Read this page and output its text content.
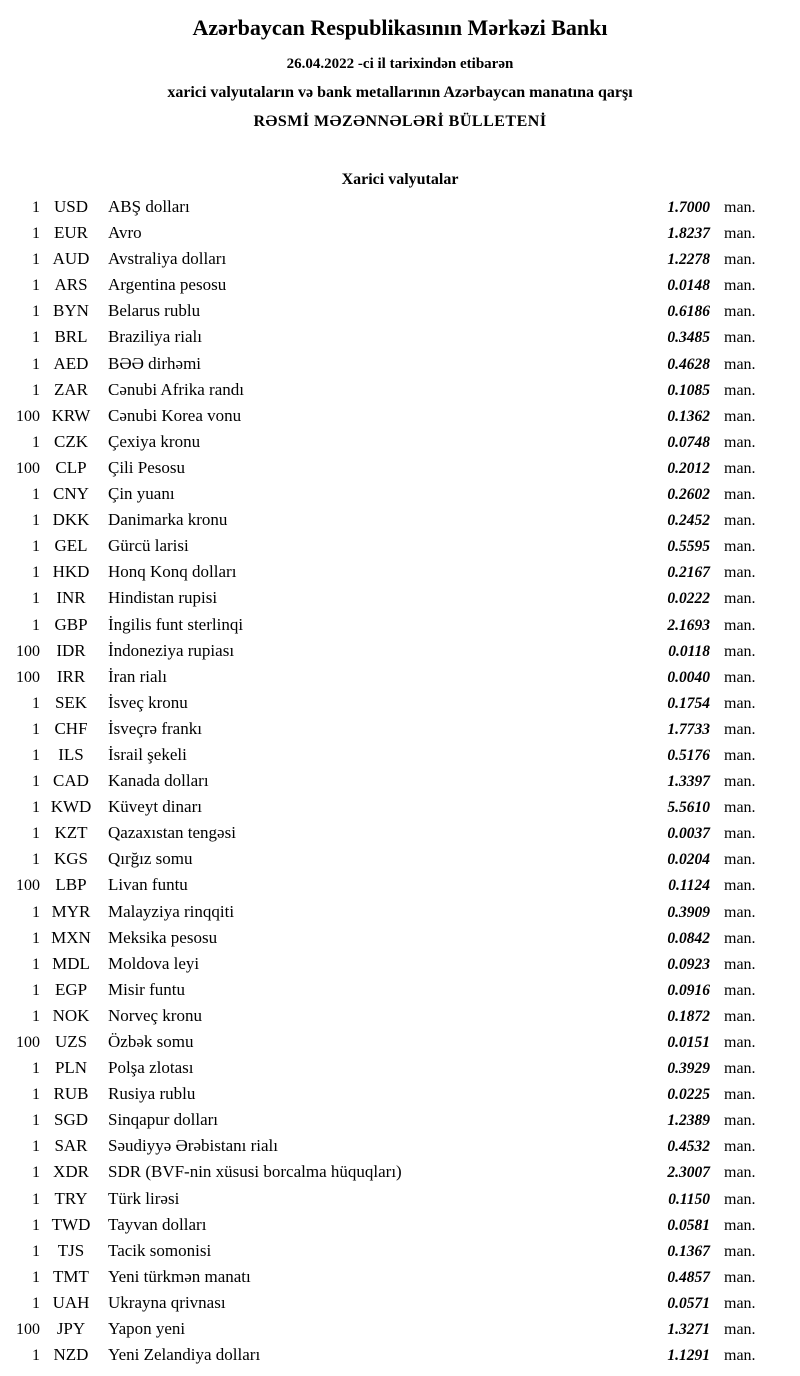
Azərbaycan Respublikasının Mərkəzi Bankı
26.04.2022 -ci il tarixindən etibarən
xarici valyutaların və bank metallarının Azərbaycan manatına qarşı
RƏSMİ MƏZƏNNƏLƏRİ BÜLLETENİ
Xarici valyutalar
1 USD	ABŞ dolları	1.7000 man.
1 EUR	Avro	1.8237 man.
1 AUD	Avstraliya dolları	1.2278 man.
1 ARS	Argentina pesosu	0.0148 man.
1 BYN	Belarus rublu	0.6186 man.
1 BRL	Braziliya rialı	0.3485 man.
1 AED	BƏƏ dirhəmi	0.4628 man.
1 ZAR	Cənubi Afrika randı	0.1085 man.
100 KRW	Cənubi Korea vonu	0.1362 man.
1 CZK	Çexiya kronu	0.0748 man.
100 CLP	Çili Pesosu	0.2012 man.
1 CNY	Çin yuanı	0.2602 man.
1 DKK	Danimarka kronu	0.2452 man.
1 GEL	Gürcü larisi	0.5595 man.
1 HKD	Honq Konq dolları	0.2167 man.
1 INR	Hindistan rupisi	0.0222 man.
1 GBP	İngilis funt sterlinqi	2.1693 man.
100 IDR	İndoneziya rupiası	0.0118 man.
100 IRR	İran rialı	0.0040 man.
1 SEK	İsveç kronu	0.1754 man.
1 CHF	İsveçrə frankı	1.7733 man.
1	ILS	İsrail şekeli	0.5176 man.
1 CAD	Kanada dolları	1.3397 man.
1 KWD Küveyt dinarı	5.5610 man.
1 KZT	Qazaxıstan tengəsi	0.0037 man.
1 KGS	Qırğız somu	0.0204 man.
100 LBP	Livan funtu	0.1124 man.
1 MYR	Malayziya rinqqiti	0.3909 man.
1 MXN	Meksika pesosu	0.0842 man.
1 MDL	Moldova leyi	0.0923 man.
1 EGP	Misir funtu	0.0916 man.
1 NOK	Norveç kronu	0.1872 man.
100 UZS	Özbək somu	0.0151 man.
1 PLN	Polşa zlotası	0.3929 man.
1 RUB	Rusiya rublu	0.0225 man.
1 SGD	Sinqapur dolları	1.2389 man.
1 SAR	Səudiyyə Ərəbistanı rialı	0.4532 man.
1 XDR	SDR (BVF-nin xüsusi borcalma hüquqları)	2.3007 man.
1 TRY	Türk lirəsi	0.1150 man.
1 TWD	Tayvan dolları	0.0581 man.
1	TJS	Tacik somonisi	0.1367 man.
1 TMT	Yeni türkmən manatı	0.4857 man.
1 UAH	Ukrayna qrivnası	0.0571 man.
100 JPY	Yapon yeni	1.3271 man.
1 NZD	Yeni Zelandiya dolları	1.1291 man.
